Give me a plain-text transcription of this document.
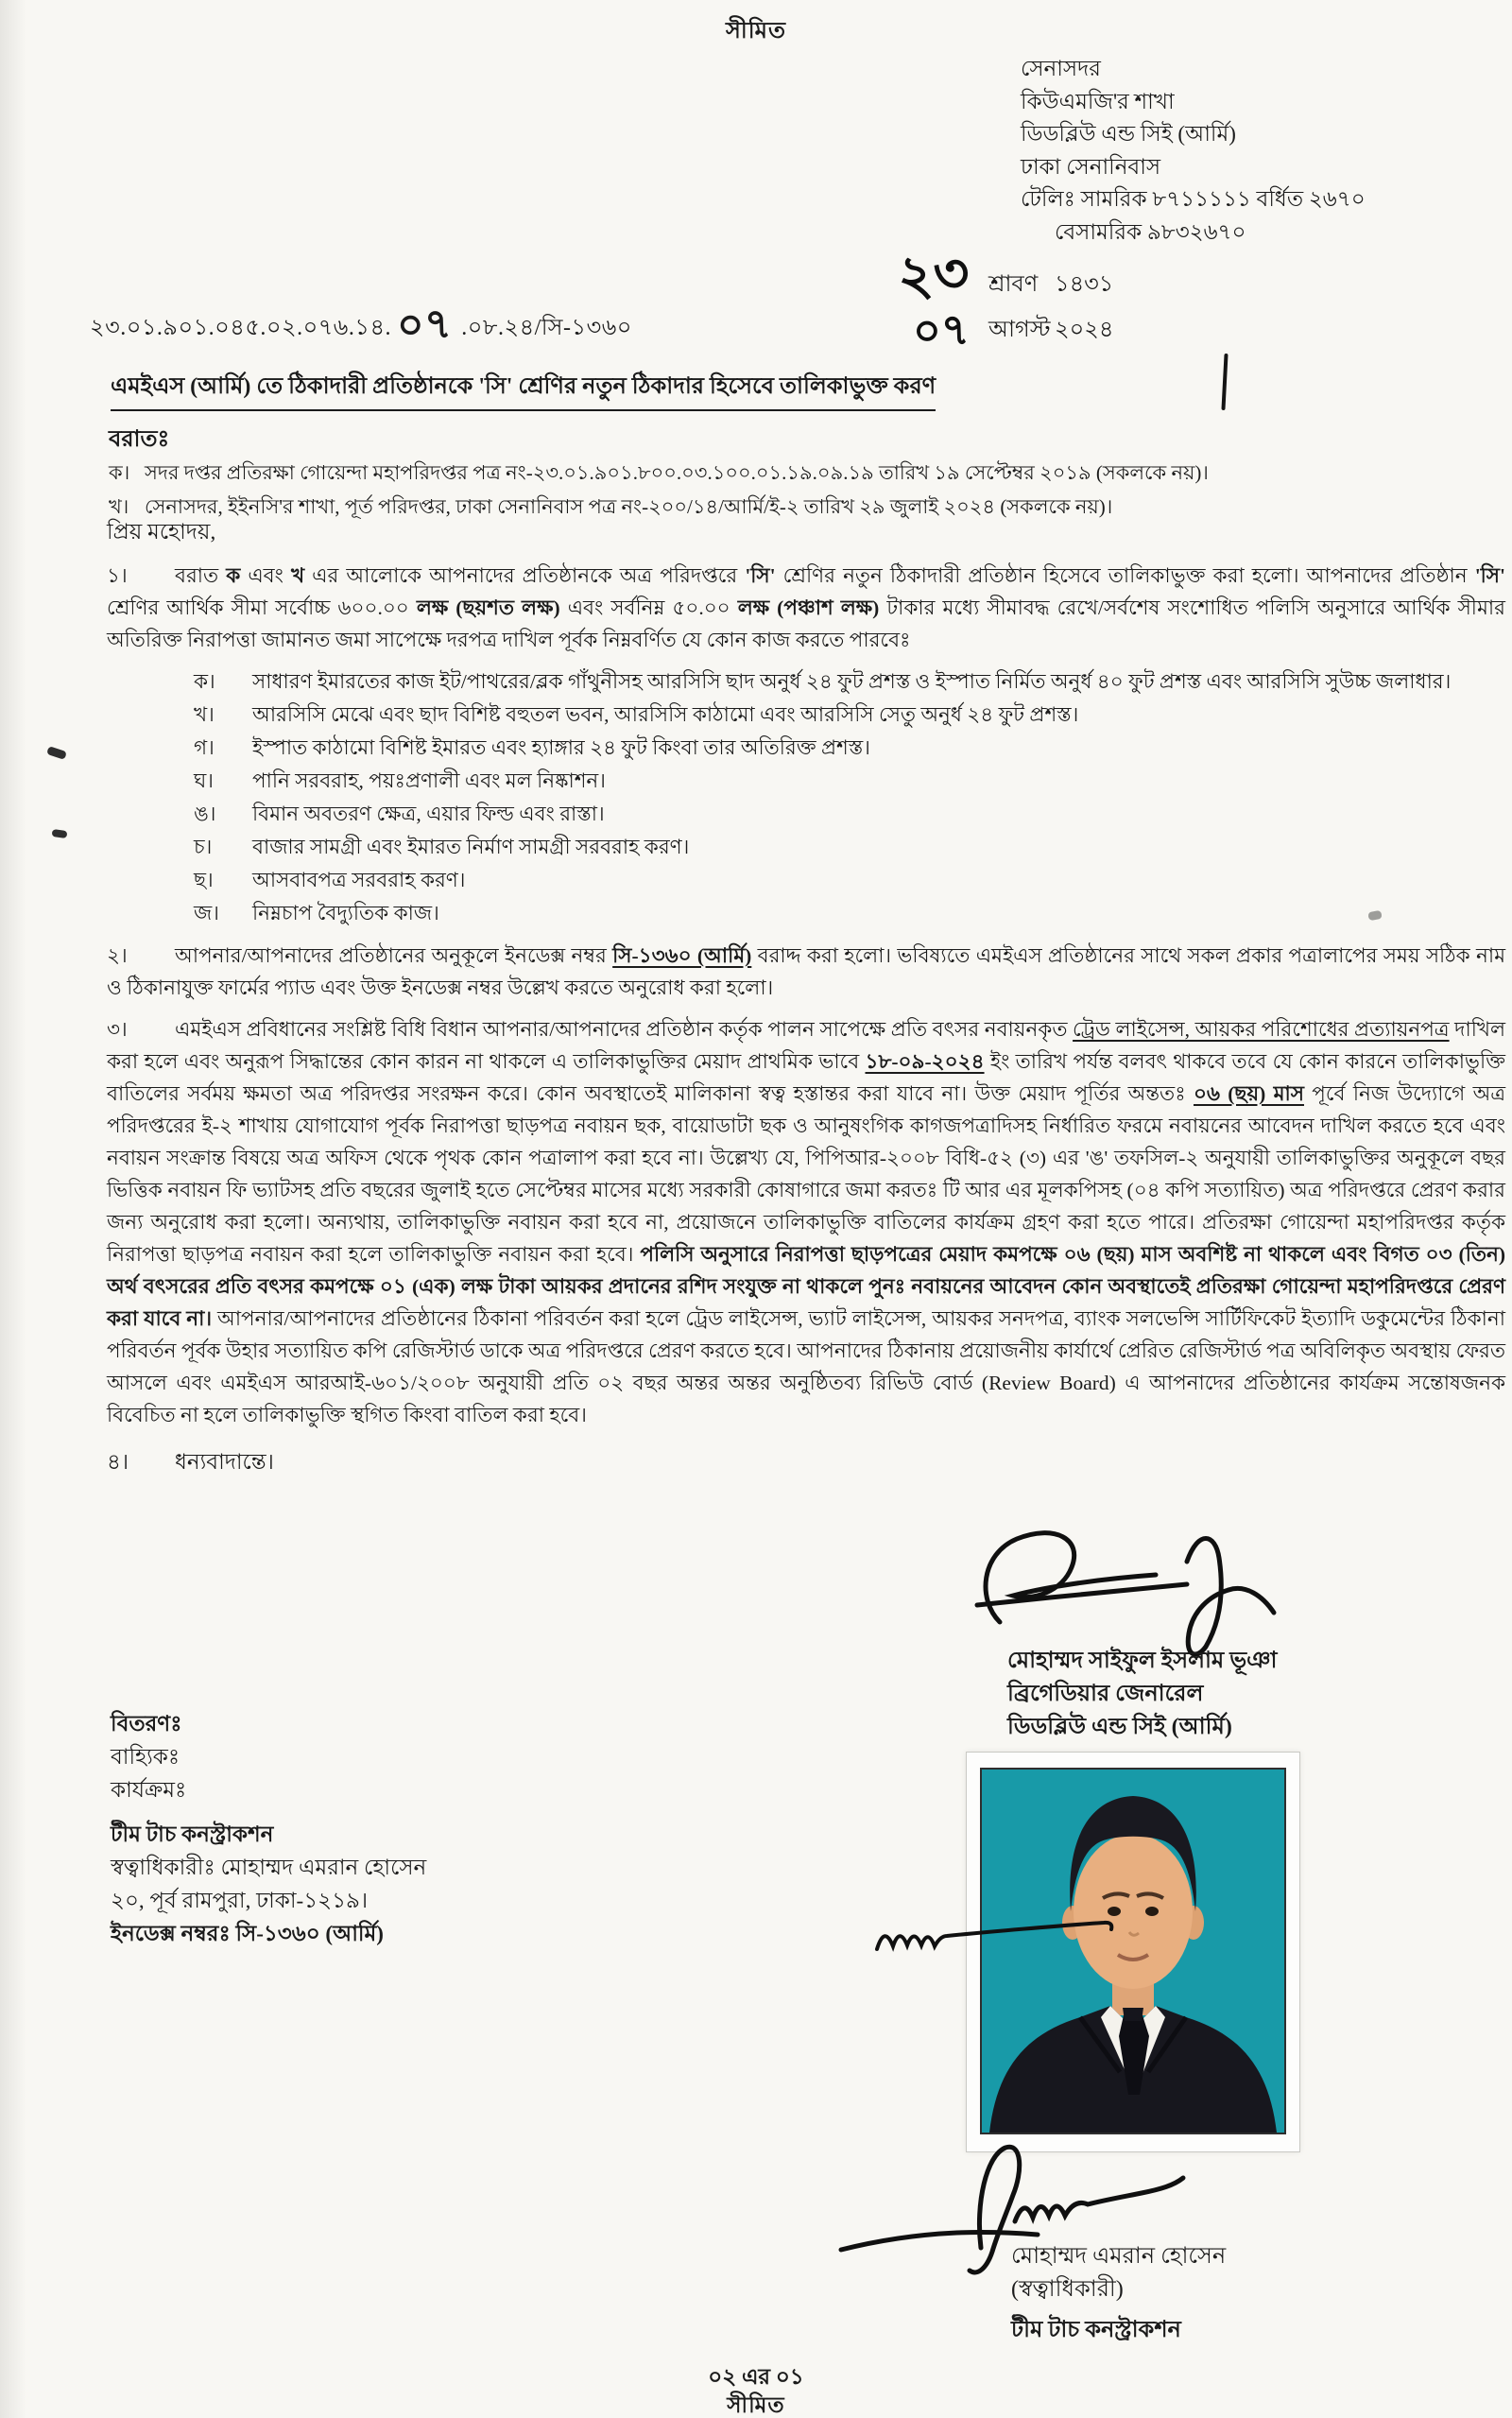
সীমিত
সেনাসদর
কিউএমজি'র শাখা
ডিডব্লিউ এন্ড সিই (আর্মি)
ঢাকা সেনানিবাস
টেলিঃ সামরিক ৮৭১১১১১ বর্ধিত ২৬৭০
বেসামরিক ৯৮৩২৬৭০
২৩
০৭
শ্রাবণ ১৪৩১
আগস্ট ২০২৪
২৩.০১.৯০১.০৪৫.০২.০৭৬.১৪. ০৭ .০৮.২৪/সি-১৩৬০
এমইএস (আর্মি) তে ঠিকাদারী প্রতিষ্ঠানকে 'সি' শ্রেণির নতুন ঠিকাদার হিসেবে তালিকাভুক্ত করণ
বরাতঃ
ক। সদর দপ্তর প্রতিরক্ষা গোয়েন্দা মহাপরিদপ্তর পত্র নং-২৩.০১.৯০১.৮০০.০৩.১০০.০১.১৯.০৯.১৯ তারিখ ১৯ সেপ্টেম্বর ২০১৯ (সকলকে নয়)।
খ। সেনাসদর, ইইনসি'র শাখা, পূর্ত পরিদপ্তর, ঢাকা সেনানিবাস পত্র নং-২০০/১৪/আর্মি/ই-২ তারিখ ২৯ জুলাই ২০২৪ (সকলকে নয়)।

প্রিয় মহোদয়,

১। বরাত ক এবং খ এর আলোকে আপনাদের প্রতিষ্ঠানকে অত্র পরিদপ্তরে 'সি' শ্রেণির নতুন ঠিকাদারী প্রতিষ্ঠান হিসেবে তালিকাভুক্ত করা হলো। আপনাদের প্রতিষ্ঠান 'সি' শ্রেণির আর্থিক সীমা সর্বোচ্চ ৬০০.০০ লক্ষ (ছয়শত লক্ষ) এবং সর্বনিম্ন ৫০.০০ লক্ষ (পঞ্চাশ লক্ষ) টাকার মধ্যে সীমাবদ্ধ রেখে/সর্বশেষ সংশোধিত পলিসি অনুসারে আর্থিক সীমার অতিরিক্ত নিরাপত্তা জামানত জমা সাপেক্ষে দরপত্র দাখিল পূর্বক নিম্নবর্ণিত যে কোন কাজ করতে পারবেঃ

ক।	সাধারণ ইমারতের কাজ ইট/পাথরের/ব্লক গাঁথুনীসহ আরসিসি ছাদ অনুর্ধ ২৪ ফুট প্রশস্ত ও ইস্পাত নির্মিত অনুর্ধ ৪০ ফুট প্রশস্ত এবং আরসিসি সুউচ্চ জলাধার।
খ।	আরসিসি মেঝে এবং ছাদ বিশিষ্ট বহুতল ভবন, আরসিসি কাঠামো এবং আরসিসি সেতু অনুর্ধ ২৪ ফুট প্রশস্ত।
গ।	ইস্পাত কাঠামো বিশিষ্ট ইমারত এবং হ্যাঙ্গার ২৪ ফুট কিংবা তার অতিরিক্ত প্রশস্ত।
ঘ।	পানি সরবরাহ, পয়ঃপ্রণালী এবং মল নিষ্কাশন।
ঙ।	বিমান অবতরণ ক্ষেত্র, এয়ার ফিল্ড এবং রাস্তা।
চ।	বাজার সামগ্রী এবং ইমারত নির্মাণ সামগ্রী সরবরাহ করণ।
ছ।	আসবাবপত্র সরবরাহ করণ।
জ।	নিম্নচাপ বৈদ্যুতিক কাজ।

২। আপনার/আপনাদের প্রতিষ্ঠানের অনুকূলে ইনডেক্স নম্বর সি-১৩৬০ (আর্মি) বরাদ্দ করা হলো। ভবিষ্যতে এমইএস প্রতিষ্ঠানের সাথে সকল প্রকার পত্রালাপের সময় সঠিক নাম ও ঠিকানাযুক্ত ফার্মের প্যাড এবং উক্ত ইনডেক্স নম্বর উল্লেখ করতে অনুরোধ করা হলো।

৩। এমইএস প্রবিধানের সংশ্লিষ্ট বিধি বিধান আপনার/আপনাদের প্রতিষ্ঠান কর্তৃক পালন সাপেক্ষে প্রতি বৎসর নবায়নকৃত ট্রেড লাইসেন্স, আয়কর পরিশোধের প্রত্যায়নপত্র দাখিল করা হলে এবং অনুরূপ সিদ্ধান্তের কোন কারন না থাকলে এ তালিকাভুক্তির মেয়াদ প্রাথমিক ভাবে ১৮-০৯-২০২৪ ইং তারিখ পর্যন্ত বলবৎ থাকবে তবে যে কোন কারনে তালিকাভুক্তি বাতিলের সর্বময় ক্ষমতা অত্র পরিদপ্তর সংরক্ষন করে। কোন অবস্থাতেই মালিকানা স্বত্ব হস্তান্তর করা যাবে না। উক্ত মেয়াদ পূর্তির অন্ততঃ ০৬ (ছয়) মাস পূর্বে নিজ উদ্যোগে অত্র পরিদপ্তরের ই-২ শাখায় যোগাযোগ পূর্বক নিরাপত্তা ছাড়পত্র নবায়ন ছক, বায়োডাটা ছক ও আনুষংগিক কাগজপত্রাদিসহ নির্ধারিত ফরমে নবায়নের আবেদন দাখিল করতে হবে এবং নবায়ন সংক্রান্ত বিষয়ে অত্র অফিস থেকে পৃথক কোন পত্রালাপ করা হবে না। উল্লেখ্য যে, পিপিআর-২০০৮ বিধি-৫২ (৩) এর 'ঙ' তফসিল-২ অনুযায়ী তালিকাভুক্তির অনুকূলে বছর ভিত্তিক নবায়ন ফি ভ্যাটসহ প্রতি বছরের জুলাই হতে সেপ্টেম্বর মাসের মধ্যে সরকারী কোষাগারে জমা করতঃ টি আর এর মূলকপিসহ (০৪ কপি সত্যায়িত) অত্র পরিদপ্তরে প্রেরণ করার জন্য অনুরোধ করা হলো। অন্যথায়, তালিকাভুক্তি নবায়ন করা হবে না, প্রয়োজনে তালিকাভুক্তি বাতিলের কার্যক্রম গ্রহণ করা হতে পারে। প্রতিরক্ষা গোয়েন্দা মহাপরিদপ্তর কর্তৃক নিরাপত্তা ছাড়পত্র নবায়ন করা হলে তালিকাভুক্তি নবায়ন করা হবে। পলিসি অনুসারে নিরাপত্তা ছাড়পত্রের মেয়াদ কমপক্ষে ০৬ (ছয়) মাস অবশিষ্ট না থাকলে এবং বিগত ০৩ (তিন) অর্থ বৎসরের প্রতি বৎসর কমপক্ষে ০১ (এক) লক্ষ টাকা আয়কর প্রদানের রশিদ সংযুক্ত না থাকলে পুনঃ নবায়নের আবেদন কোন অবস্থাতেই প্রতিরক্ষা গোয়েন্দা মহাপরিদপ্তরে প্রেরণ করা যাবে না। আপনার/আপনাদের প্রতিষ্ঠানের ঠিকানা পরিবর্তন করা হলে ট্রেড লাইসেন্স, ভ্যাট লাইসেন্স, আয়কর সনদপত্র, ব্যাংক সলভেন্সি সার্টিফিকেট ইত্যাদি ডকুমেন্টের ঠিকানা পরিবর্তন পূর্বক উহার সত্যায়িত কপি রেজিস্টার্ড ডাকে অত্র পরিদপ্তরে প্রেরণ করতে হবে। আপনাদের ঠিকানায় প্রয়োজনীয় কার্যার্থে প্রেরিত রেজিস্টার্ড পত্র অবিলিকৃত অবস্থায় ফেরত আসলে এবং এমইএস আরআই-৬০১/২০০৮ অনুযায়ী প্রতি ০২ বছর অন্তর অন্তর অনুষ্ঠিতব্য রিভিউ বোর্ড (Review Board) এ আপনাদের প্রতিষ্ঠানের কার্যক্রম সন্তোষজনক বিবেচিত না হলে তালিকাভুক্তি স্থগিত কিংবা বাতিল করা হবে।

৪। ধন্যবাদান্তে।

মোহাম্মদ সাইফুল ইসলাম ভূঞা
ব্রিগেডিয়ার জেনারেল
ডিডব্লিউ এন্ড সিই (আর্মি)
বিতরণঃ
বাহ্যিকঃ
কার্যক্রমঃ
টীম টাচ কনস্ট্রাকশন
স্বত্বাধিকারীঃ মোহাম্মদ এমরান হোসেন
২০, পূর্ব রামপুরা, ঢাকা-১২১৯।
ইনডেক্স নম্বরঃ সি-১৩৬০ (আর্মি)
মোহাম্মদ এমরান হোসেন
(স্বত্বাধিকারী)
টীম টাচ কনস্ট্রাকশন
০২ এর ০১
সীমিত
